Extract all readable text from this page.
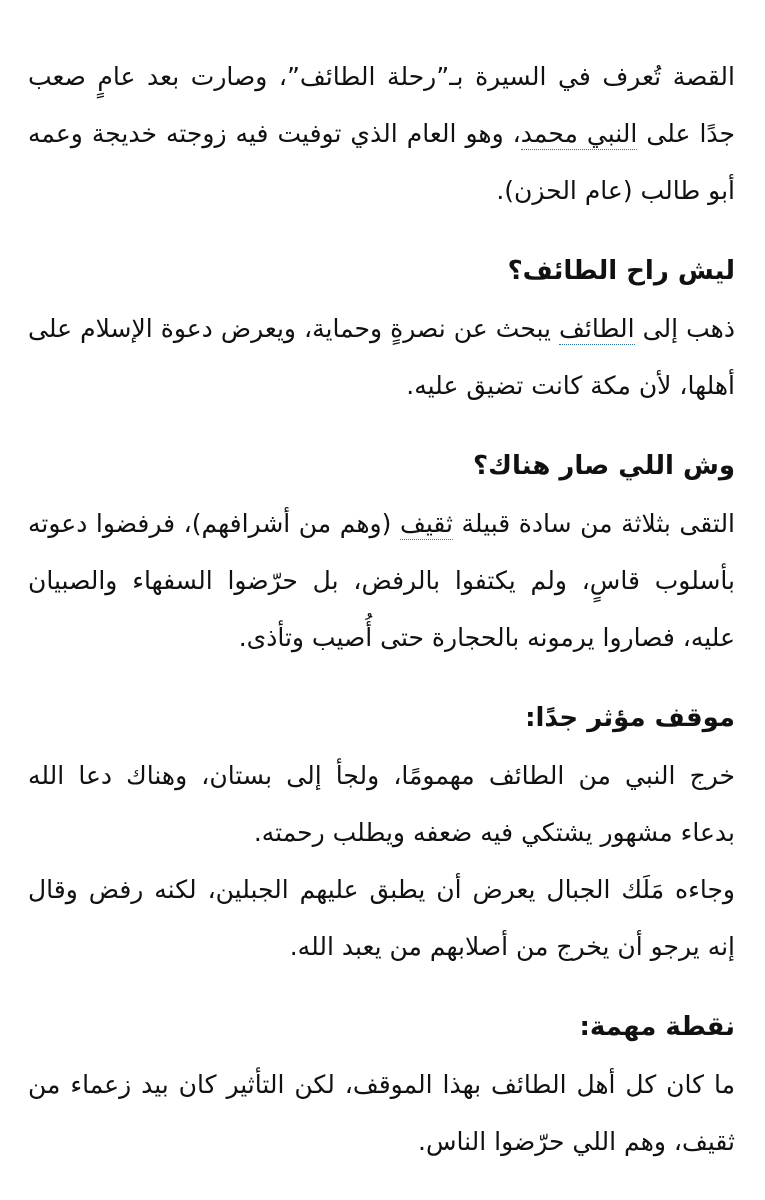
القصة تُعرف في السيرة بـ”رحلة الطائف”، وصارت بعد عامٍ صعب جدًا على النبي محمد، وهو العام الذي توفيت فيه زوجته خديجة وعمه أبو طالب (عام الحزن).

ليش راح الطائف؟

ذهب إلى الطائف يبحث عن نصرةٍ وحماية، ويعرض دعوة الإسلام على أهلها، لأن مكة كانت تضيق عليه.

وش اللي صار هناك؟

التقى بثلاثة من سادة قبيلة ثقيف (وهم من أشرافهم)، فرفضوا دعوته بأسلوب قاسٍ، ولم يكتفوا بالرفض، بل حرّضوا السفهاء والصبيان عليه، فصاروا يرمونه بالحجارة حتى أُصيب وتأذى.

موقف مؤثر جدًا:

خرج النبي من الطائف مهمومًا، ولجأ إلى بستان، وهناك دعا الله بدعاء مشهور يشتكي فيه ضعفه ويطلب رحمته.

وجاءه مَلَك الجبال يعرض أن يطبق عليهم الجبلين، لكنه رفض وقال إنه يرجو أن يخرج من أصلابهم من يعبد الله.

نقطة مهمة:

ما كان كل أهل الطائف بهذا الموقف، لكن التأثير كان بيد زعماء من ثقيف، وهم اللي حرّضوا الناس.
